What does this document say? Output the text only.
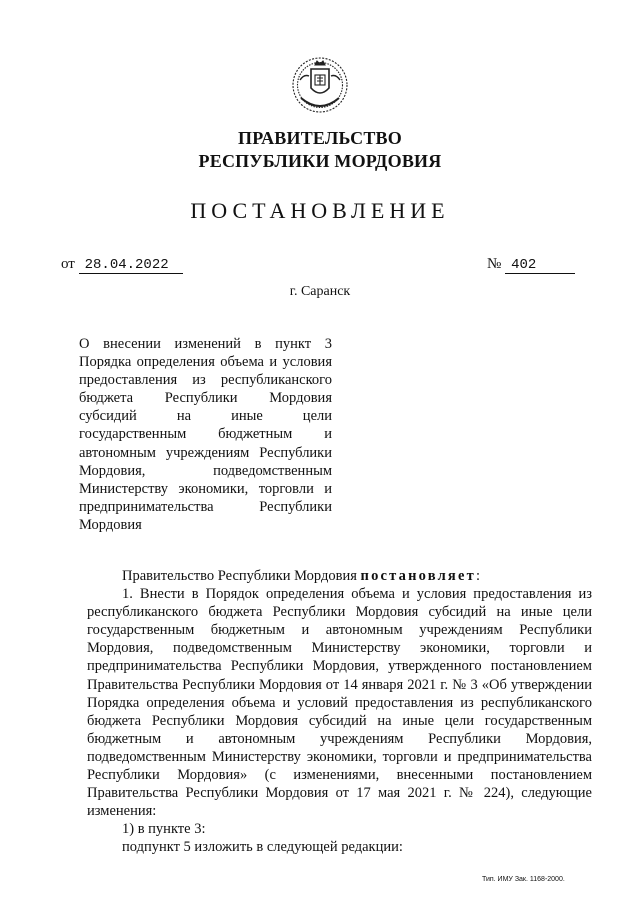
ПРАВИТЕЛЬСТВО
РЕСПУБЛИКИ МОРДОВИЯ
ПОСТАНОВЛЕНИЕ
от 28.04.2022	№ 402
г. Саранск
О внесении изменений в пункт 3 Порядка определения объема и условия предоставления из республиканского бюджета Республики Мордовия субсидий на иные цели государственным бюджетным и автономным учреждениям Республики Мордовия, подведомственным Министерству экономики, торговли и предпринимательства Республики Мордовия

Правительство Республики Мордовия постановляет:

1. Внести в Порядок определения объема и условия предоставления из республиканского бюджета Республики Мордовия субсидий на иные цели государственным бюджетным и автономным учреждениям Республики Мордовия, подведомственным Министерству экономики, торговли и предпринимательства Республики Мордовия, утвержденного постановлением Правительства Республики Мордовия от 14 января 2021 г. № 3 «Об утверждении Порядка определения объема и условий предоставления из республиканского бюджета Республики Мордовия субсидий на иные цели государственным бюджетным и автономным учреждениям Республики Мордовия, подведомственным Министерству экономики, торговли и предпринимательства Республики Мордовия» (с изменениями, внесенными постановлением Правительства Республики Мордовия от 17 мая 2021 г. № 224), следующие изменения:

1) в пункте 3:

подпункт 5 изложить в следующей редакции:

Тип. ИМУ Зак. 1168-2000.
